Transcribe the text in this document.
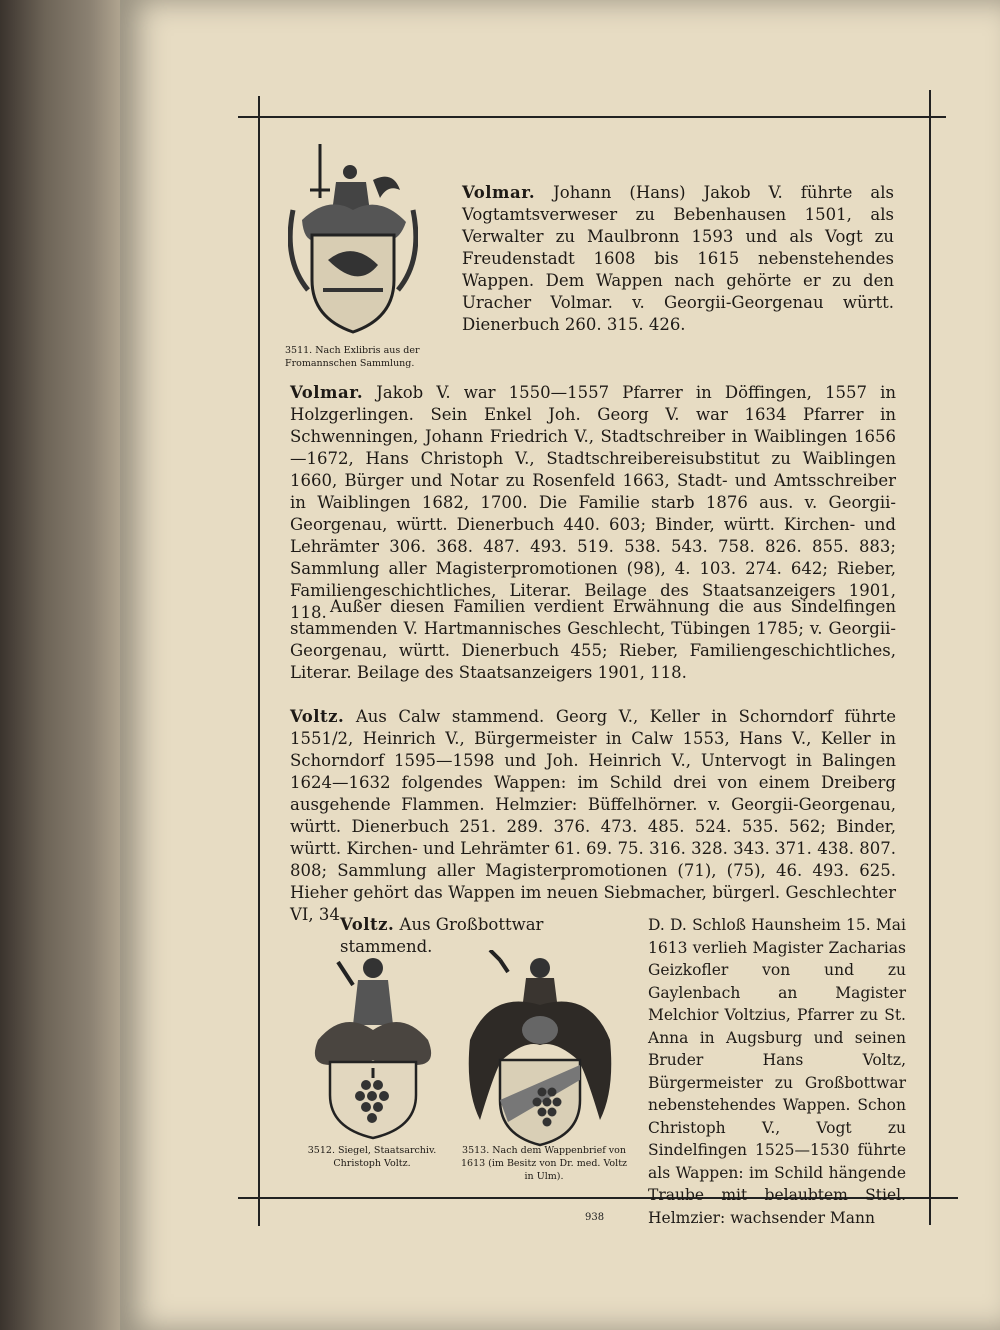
3511. Nach Exlibris aus der Fromannschen Sammlung.

Volmar. Johann (Hans) Jakob V. führte als Vogtamtsverweser zu Bebenhausen 1501, als Verwalter zu Maulbronn 1593 und als Vogt zu Freudenstadt 1608 bis 1615 nebenstehendes Wappen. Dem Wappen nach gehörte er zu den Uracher Volmar. v. Georgii-Georgenau württ. Dienerbuch 260. 315. 426.

Volmar. Jakob V. war 1550—1557 Pfarrer in Döffingen, 1557 in Holzgerlingen. Sein Enkel Joh. Georg V. war 1634 Pfarrer in Schwenningen, Johann Friedrich V., Stadtschreiber in Waiblingen 1656—1672, Hans Christoph V., Stadtschreibereisubstitut zu Waiblingen 1660, Bürger und Notar zu Rosenfeld 1663, Stadt- und Amtsschreiber in Waiblingen 1682, 1700. Die Familie starb 1876 aus. v. Georgii-Georgenau, württ. Dienerbuch 440. 603; Binder, württ. Kirchen- und Lehrämter 306. 368. 487. 493. 519. 538. 543. 758. 826. 855. 883; Sammlung aller Magisterpromotionen (98), 4. 103. 274. 642; Rieber, Familiengeschichtliches, Literar. Beilage des Staatsanzeigers 1901, 118. Außer diesen Familien verdient Erwähnung die aus Sindelfingen stammenden V. Hartmannisches Geschlecht, Tübingen 1785; v. Georgii-Georgenau, württ. Dienerbuch 455; Rieber, Familiengeschichtliches, Literar. Beilage des Staatsanzeigers 1901, 118.

Voltz. Aus Calw stammend. Georg V., Keller in Schorndorf führte 1551/2, Heinrich V., Bürgermeister in Calw 1553, Hans V., Keller in Schorndorf 1595—1598 und Joh. Heinrich V., Untervogt in Balingen 1624—1632 folgendes Wappen: im Schild drei von einem Dreiberg ausgehende Flammen. Helmzier: Büffelhörner. v. Georgii-Georgenau, württ. Dienerbuch 251. 289. 376. 473. 485. 524. 535. 562; Binder, württ. Kirchen- und Lehrämter 61. 69. 75. 316. 328. 343. 371. 438. 807. 808; Sammlung aller Magisterpromotionen (71), (75), 46. 493. 625. Hieher gehört das Wappen im neuen Siebmacher, bürgerl. Geschlechter VI, 34.

Voltz. Aus Großbottwar stammend.

D. D. Schloß Haunsheim 15. Mai 1613 verlieh Magister Zacharias Geizkofler von und zu Gaylenbach an Magister Melchior Voltzius, Pfarrer zu St. Anna in Augsburg und seinen Bruder Hans Voltz, Bürgermeister zu Großbottwar nebenstehendes Wappen. Schon Christoph V., Vogt zu Sindelfingen 1525—1530 führte als Wappen: im Schild hängende Traube mit belaubtem Stiel. Helmzier: wachsender Mann

3512. Siegel, Staatsarchiv. Christoph Voltz.
3513. Nach dem Wappenbrief von 1613 (im Besitz von Dr. med. Voltz in Ulm).
938
